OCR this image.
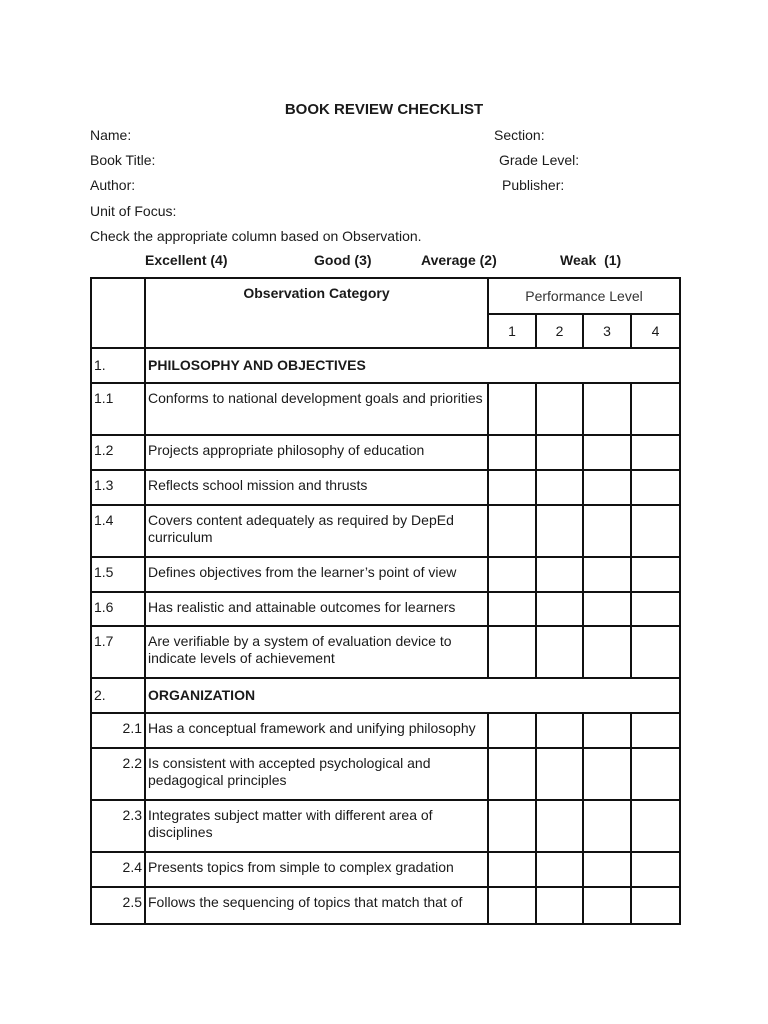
BOOK REVIEW CHECKLIST
Name:	Section:
Book Title:	Grade Level:
Author:	Publisher:
Unit of Focus:
Check the appropriate column based on Observation.
Excellent (4)	Good (3)	Average (2)	Weak  (1)

	Observation Category	Performance Level			
		1	2	3	4
1.	PHILOSOPHY AND OBJECTIVES				
1.1	Conforms to national development goals and priorities				
1.2	Projects appropriate philosophy of education				
1.3	Reflects school mission and thrusts				
1.4	Covers content adequately as required by DepEd curriculum				
1.5	Defines objectives from the learner’s point of view				
1.6	Has realistic and attainable outcomes for learners				
1.7	Are verifiable by a system of evaluation device to indicate levels of achievement				
2.	ORGANIZATION				
2.1	Has a conceptual framework and unifying philosophy				
2.2	Is consistent with accepted psychological and pedagogical principles				
2.3	Integrates subject matter with different area of disciplines				
2.4	Presents topics from simple to complex gradation				
2.5	Follows the sequencing of topics that match that of				
